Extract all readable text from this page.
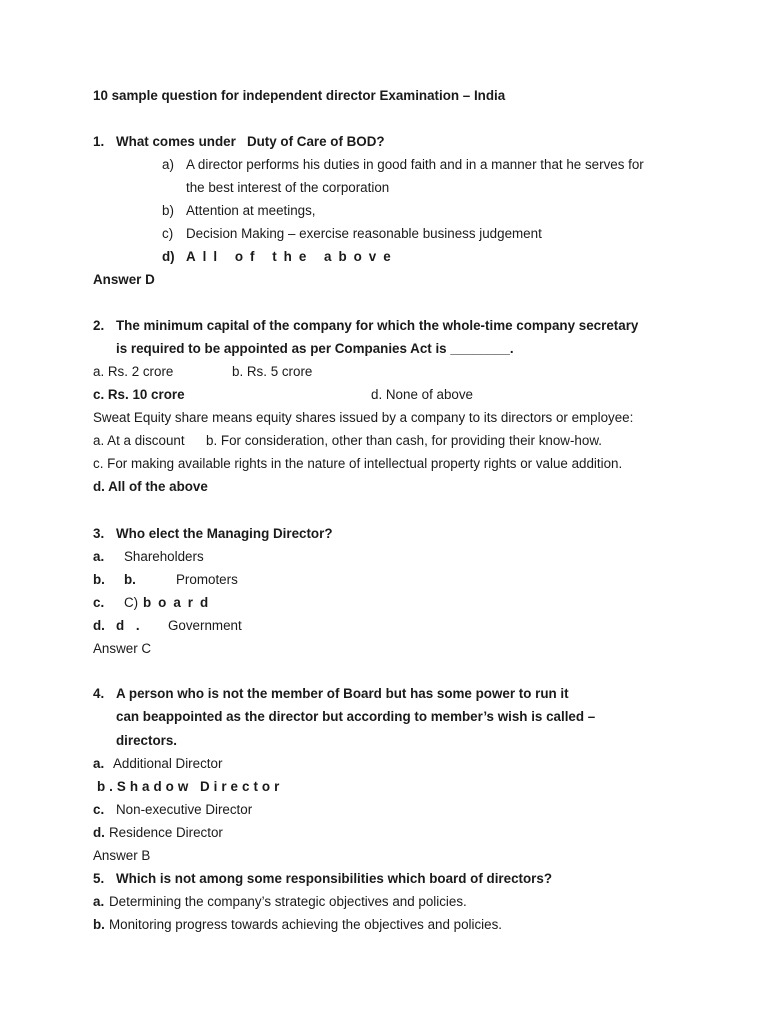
10 sample question for independent director Examination – India
1. What comes under   Duty of Care of BOD?
a) A director performs his duties in good faith and in a manner that he serves for
the best interest of the corporation
b) Attention at meetings,
c) Decision Making – exercise reasonable business judgement
d) All of the above
Answer D
2. The minimum capital of the company for which the whole-time company secretary
is required to be appointed as per Companies Act is ________.
a. Rs. 2 crore	b. Rs. 5 crore
c. Rs. 10 crore	d. None of above
Sweat Equity share means equity shares issued by a company to its directors or employee:
a. At a discount b. For consideration, other than cash, for providing their know-how.
c. For making available rights in the nature of intellectual property rights or value addition.
d. All of the above
3. Who elect the Managing Director?
a. Shareholders
b. b.	Promoters
c. C) board
d. d . Government
Answer C
4. A person who is not the member of Board but has some power to run it
can beappointed as the director but according to member’s wish is called –
directors.
a. Additional Director
b.Shadow Director
c. Non-executive Director
d. Residence Director
Answer B
5. Which is not among some responsibilities which board of directors?
a. Determining the company’s strategic objectives and policies.
b. Monitoring progress towards achieving the objectives and policies.
